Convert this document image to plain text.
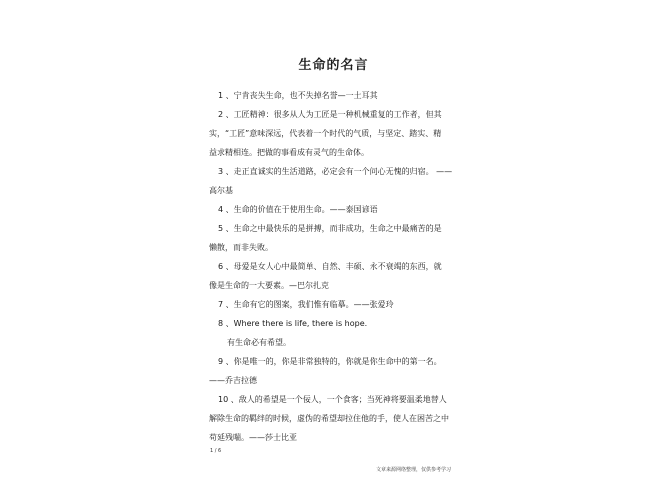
生命的名言
1 、宁肯丧失生命，也不失掉名誉—一土耳其
2 、工匠精神：很多从人为工匠是一种机械重复的工作者，但其
实，“工匠”意味深远，代表着一个时代的气质，与坚定、踏实、精
益求精相连。把做的事看成有灵气的生命体。
3 、走正直诚实的生活道路，必定会有一个问心无愧的归宿。 ——
高尔基
4 、生命的价值在于使用生命。——泰国谚语
5 、生命之中最快乐的是拼搏，而非成功，生命之中最痛苦的是
懒散，而非失败。
6 、母爱是女人心中最简单、自然、丰硕、永不衰竭的东西，就
像是生命的一大要素。—巴尔扎克
7 、生命有它的图案，我们惟有临摹。——张爱玲
8 、Where there is life, there is hope.
有生命必有希望。
9 、你是唯一的，你是非常独特的，你就是你生命中的第一名。
——乔吉拉德
10 、敌人的希望是一个佞人，一个食客；当死神将要温柔地替人
解除生命的羁绊的时候，虚伪的希望却拉住他的手，使人在困苦之中
苟延残喘。——莎士比亚
1 / 6
文章来源网络整理，仅供参考学习
